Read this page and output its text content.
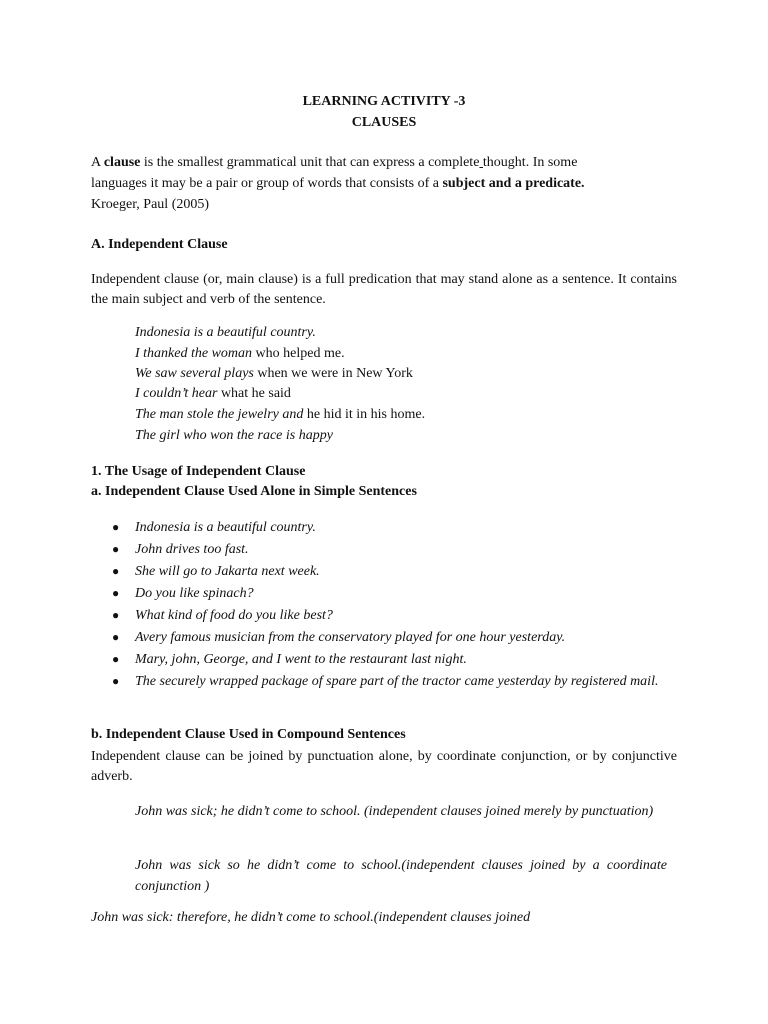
LEARNING ACTIVITY -3
CLAUSES
A clause is the smallest grammatical unit that can express a complete thought. In some
languages it may be a pair or group of words that consists of a subject and a predicate.
Kroeger, Paul (2005)
A. Independent Clause
Independent clause (or, main clause) is a full predication that may stand alone as a sentence. It contains the main subject and verb of the sentence.
Indonesia is a beautiful country.
I thanked the woman who helped me.
We saw several plays when we were in New York
I couldn’t hear what he said
The man stole the jewelry and he hid it in his home.
The girl who won the race is happy
1. The Usage of Independent Clause
a. Independent Clause Used Alone in Simple Sentences
● Indonesia is a beautiful country.
● John drives too fast.
● She will go to Jakarta next week.
● Do you like spinach?
● What kind of food do you like best?
● Avery famous musician from the conservatory played for one hour yesterday.
● Mary, john, George, and I went to the restaurant last night.
● The securely wrapped package of spare part of the tractor came yesterday by registered mail.
b. Independent Clause Used in Compound Sentences
Independent clause can be joined by punctuation alone, by coordinate conjunction, or by conjunctive adverb.
John was sick; he didn’t come to school. (independent clauses joined merely by punctuation)
John was sick so he didn’t come to school.(independent clauses joined by a coordinate conjunction )
John was sick: therefore, he didn’t come to school.(independent clauses joined
